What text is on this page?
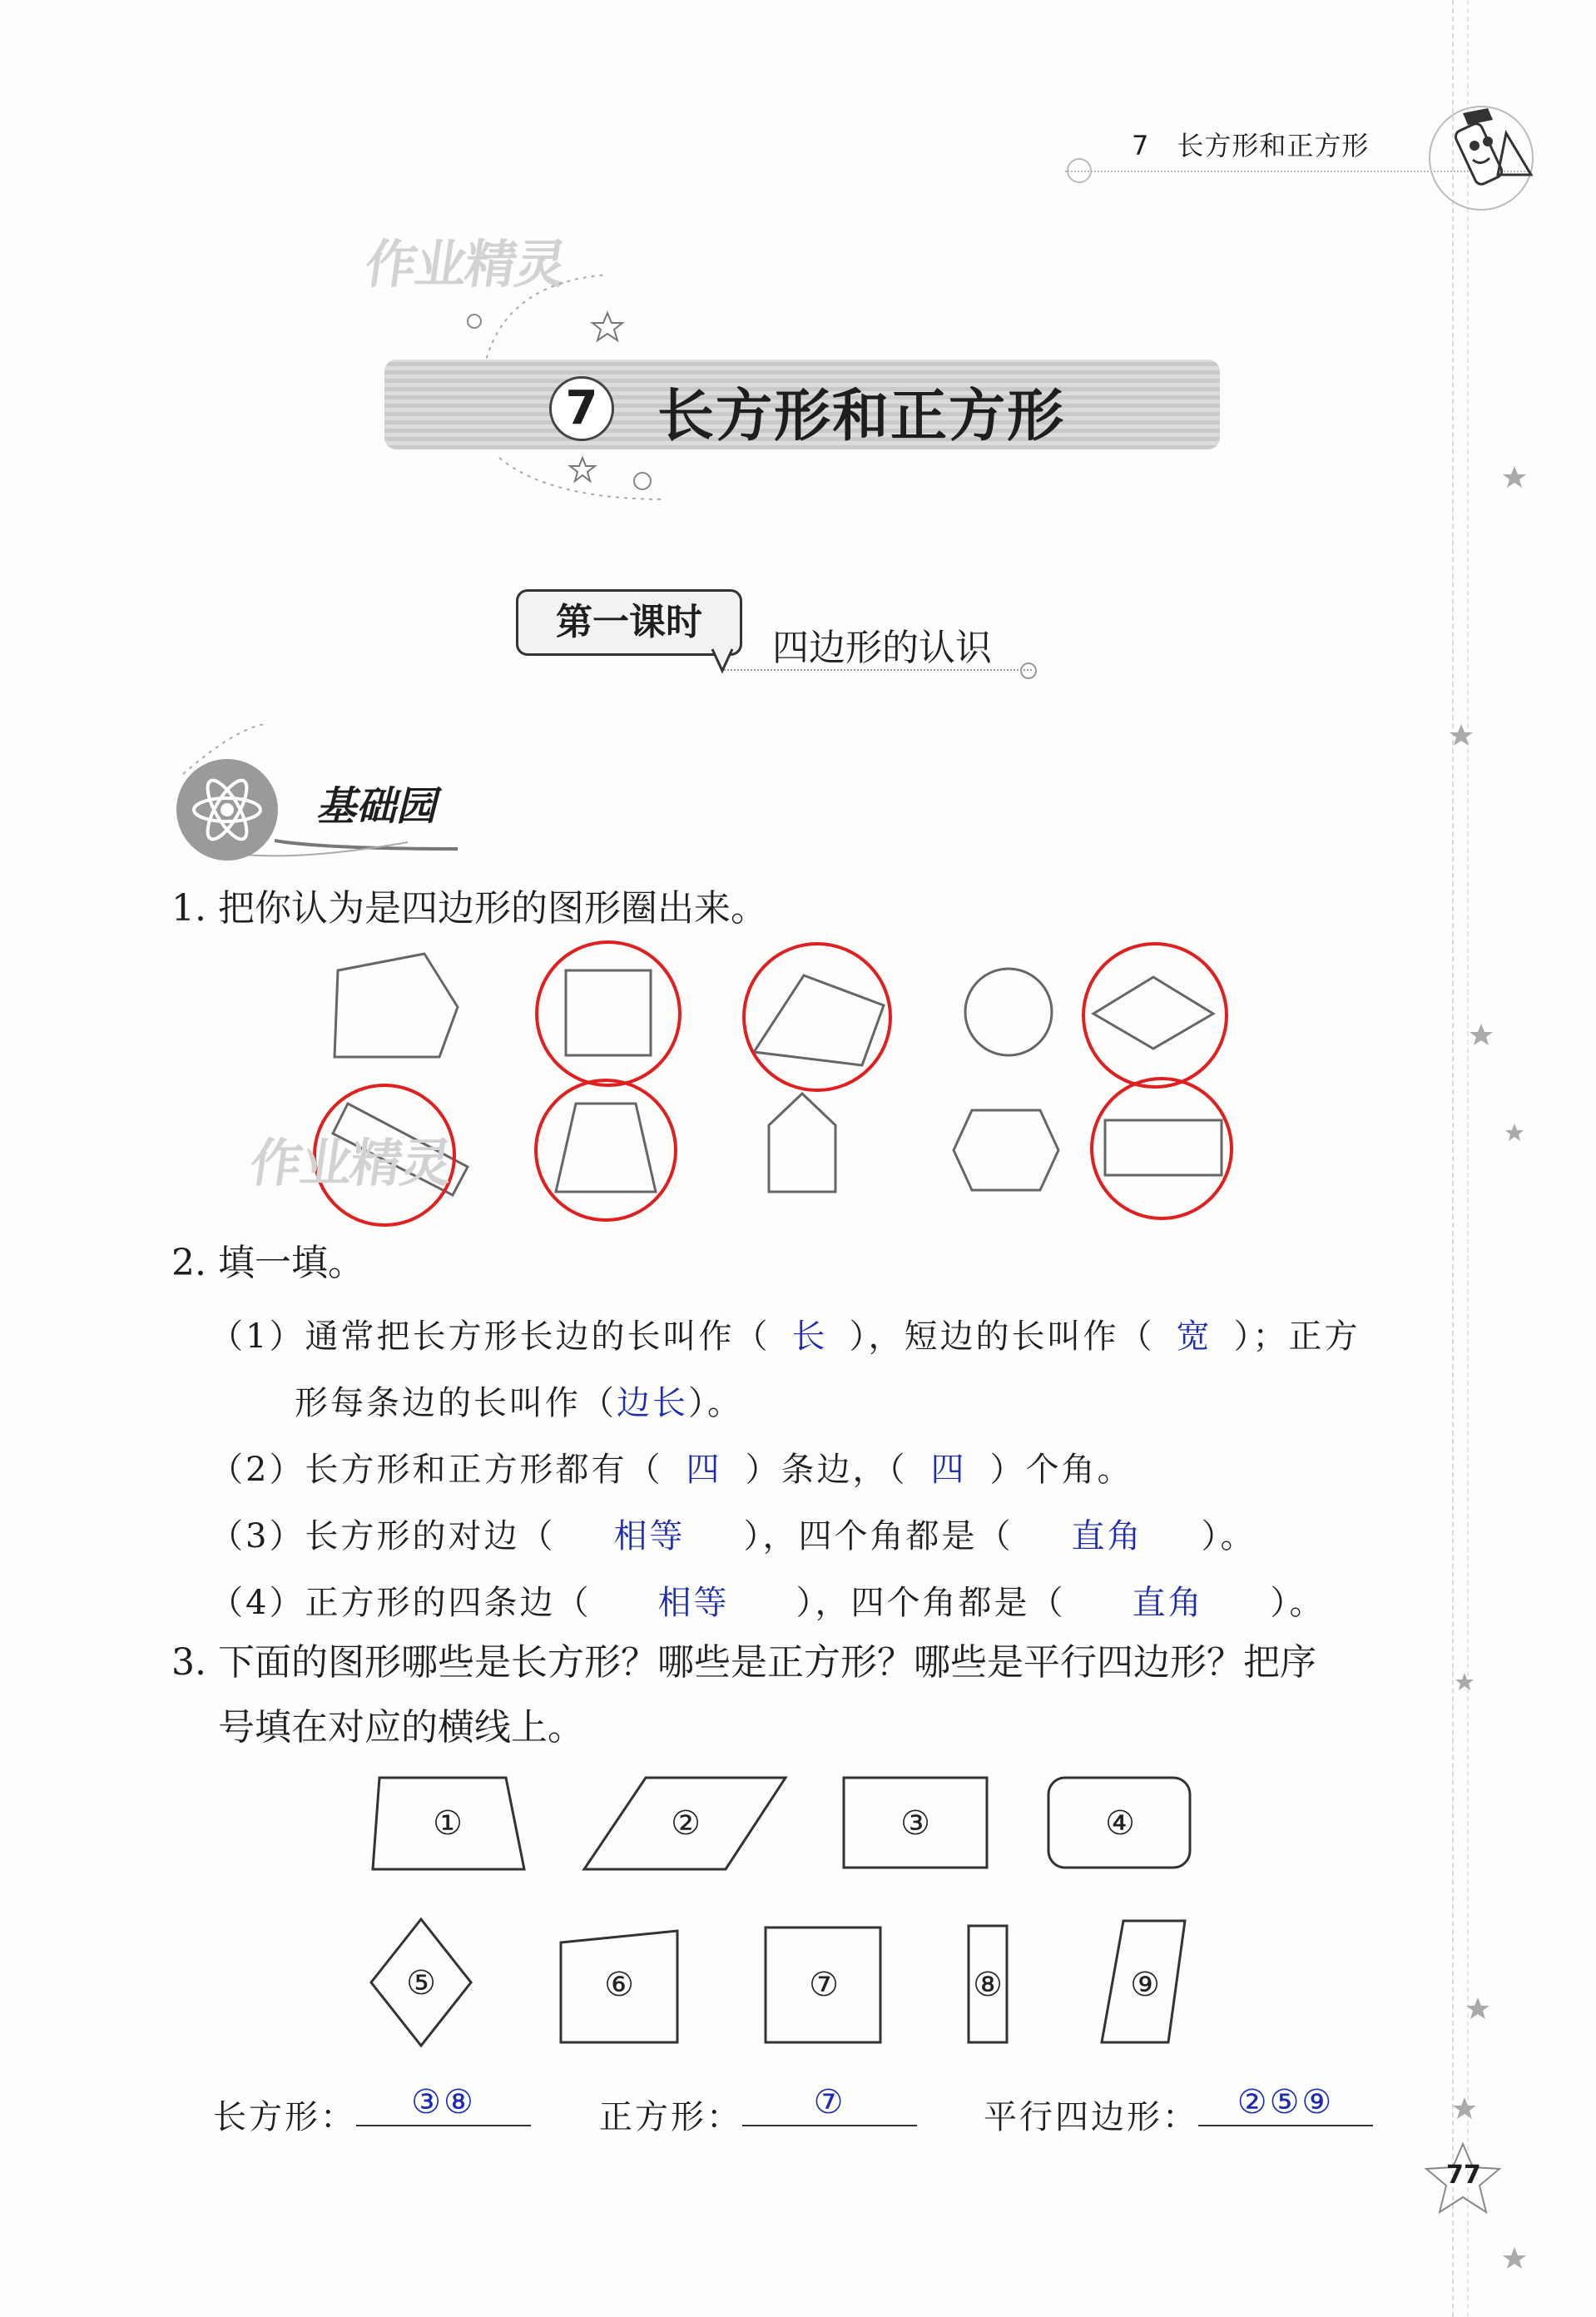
7　长方形和正方形
作业精灵
7 长方形和正方形
第一课时
四边形的认识
基础园
1. 把你认为是四边形的图形圈出来。
作业精灵
2. 填一填。
（1）通常把长方形长边的长叫作（ 长 ），短边的长叫作（ 宽 ）；正方
形每条边的长叫作（边长）。
（2）长方形和正方形都有（ 四 ）条边，（ 四 ）个角。
（3）长方形的对边（ 相等 ），四个角都是（ 直角 ）。
（4）正方形的四条边（ 相等 ），四个角都是（ 直角 ）。
3. 下面的图形哪些是长方形？哪些是正方形？哪些是平行四边形？把序
号填在对应的横线上。
①	②	③	④
⑤	⑥	⑦	⑧	⑨
长方形： ③⑧	正方形： ⑦	平行四边形： ②⑤⑨
77
